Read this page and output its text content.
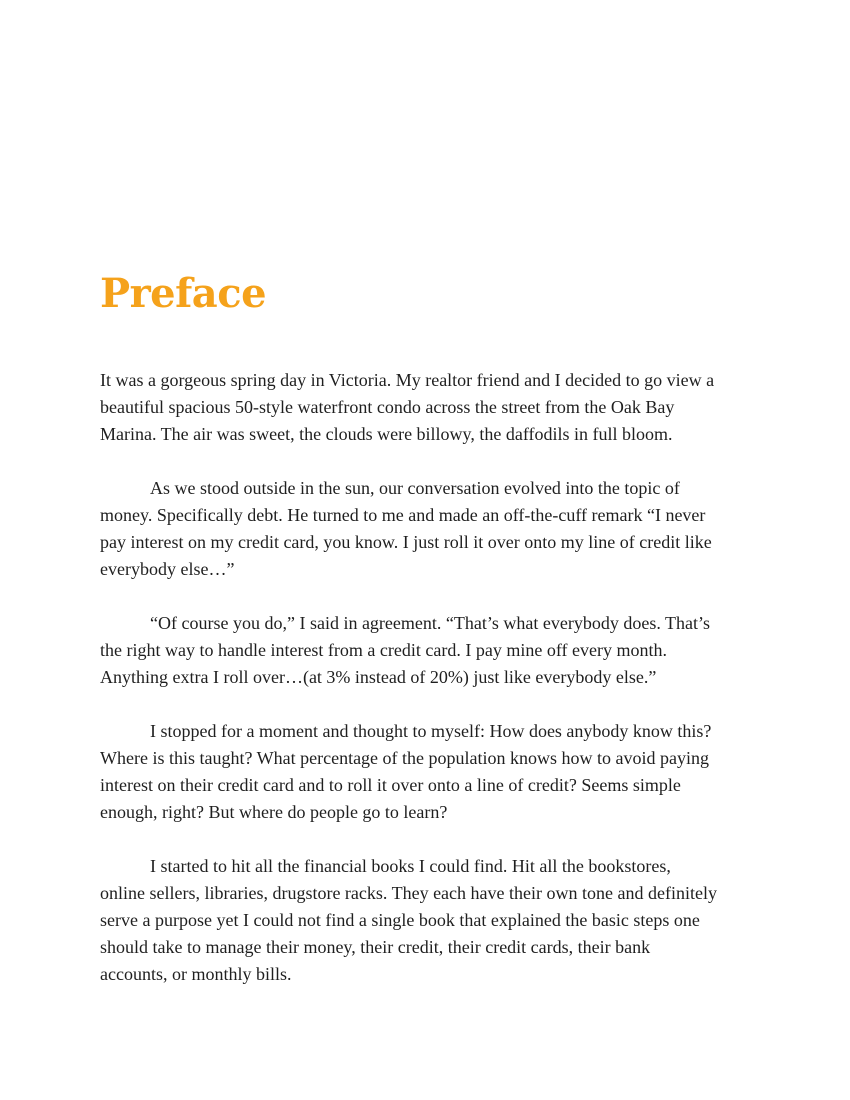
Preface

It was a gorgeous spring day in Victoria. My realtor friend and I decided to go view a
beautiful spacious 50-style waterfront condo across the street from the Oak Bay
Marina. The air was sweet, the clouds were billowy, the daffodils in full bloom.

As we stood outside in the sun, our conversation evolved into the topic of
money. Specifically debt. He turned to me and made an off-the-cuff remark “I never
pay interest on my credit card, you know. I just roll it over onto my line of credit like
everybody else…”

“Of course you do,” I said in agreement. “That’s what everybody does. That’s
the right way to handle interest from a credit card. I pay mine off every month.
Anything extra I roll over…(at 3% instead of 20%) just like everybody else.”

I stopped for a moment and thought to myself: How does anybody know this?
Where is this taught? What percentage of the population knows how to avoid paying
interest on their credit card and to roll it over onto a line of credit? Seems simple
enough, right? But where do people go to learn?

I started to hit all the financial books I could find. Hit all the bookstores,
online sellers, libraries, drugstore racks. They each have their own tone and definitely
serve a purpose yet I could not find a single book that explained the basic steps one
should take to manage their money, their credit, their credit cards, their bank
accounts, or monthly bills.
